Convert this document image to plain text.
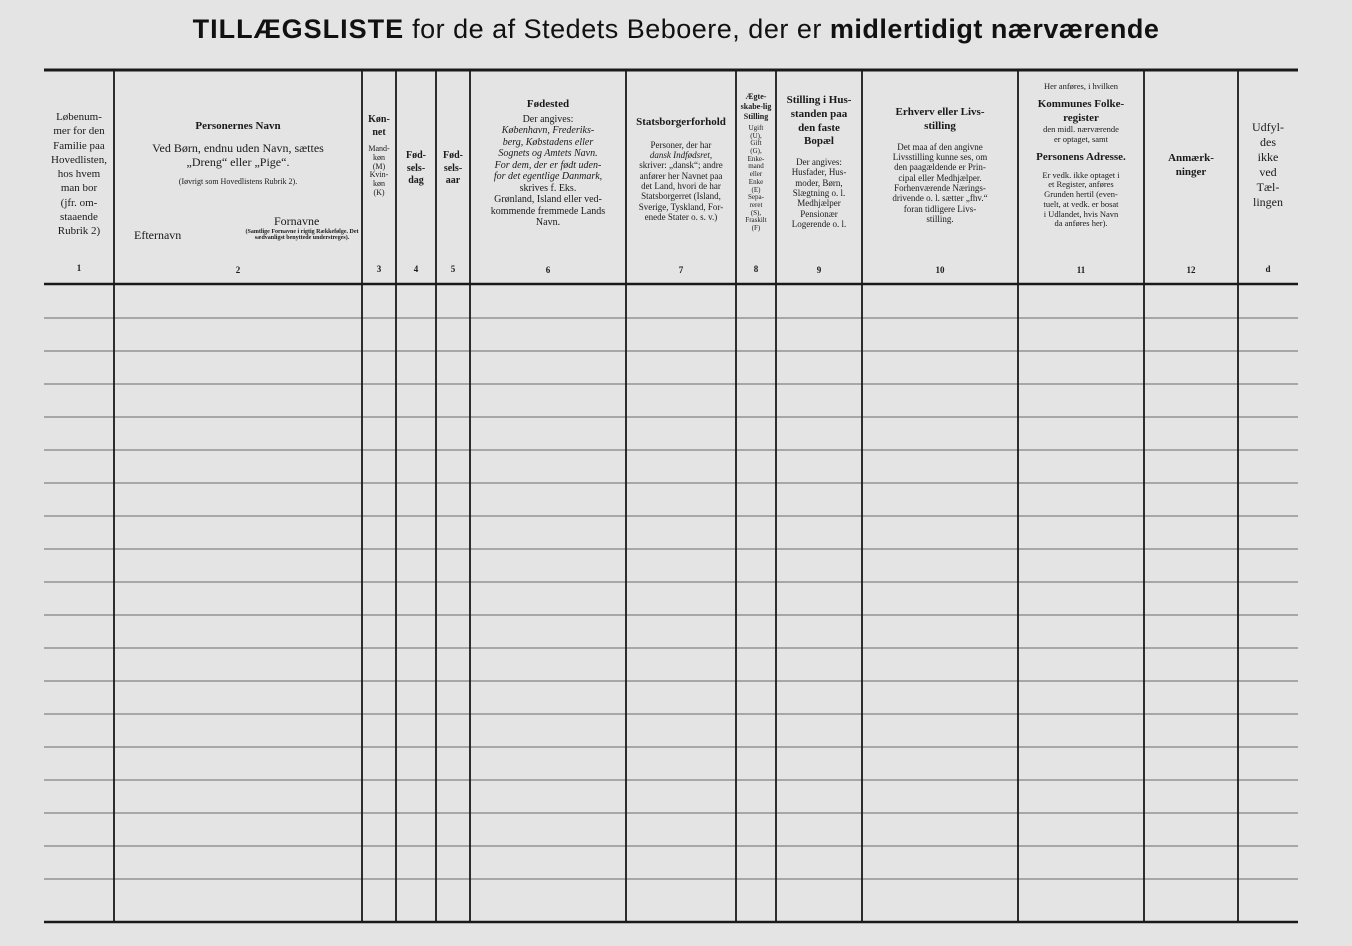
TILLÆGSLISTE for de af Stedets Beboere, der er midlertidigt nærværende
Løbenum-
mer for den
Familie paa
Hovedlisten,
hos hvem
man bor
(jfr. om-
staaende
Rubrik 2)
1
Personernes Navn
Ved Børn, endnu uden Navn, sættes
„Dreng“ eller „Pige“.
(Iøvrigt som Hovedlistens Rubrik 2).
Efternavn
Fornavne
(Samtlige Fornavne i rigtig Rækkefølge. Det sædvanligst benyttede understreges).
2
Køn-net
Mand-
køn
(M)
Kvin-
køn
(K)
3
Fød-sels-dag
4
Fød-sels-aar
5
Fødested
Der angives:
København, Frederiks-
berg, Købstadens eller
Sognets og Amtets Navn.
For dem, der er født uden-
for det egentlige Danmark,
skrives f. Eks.
Grønland, Island eller ved-
kommende fremmede Lands
Navn.
6
Statsborgerforhold
Personer, der har
dansk Indfødsret,
skriver: „dansk“; andre
anfører her Navnet paa
det Land, hvori de har
Statsborgerret (Island,
Sverige, Tyskland, For-
enede Stater o. s. v.)
7
Ægte-skabe-lig Stilling
Ugift
(U),
Gift
(G),
Enke-
mand
eller
Enke
(E)
Sepa-
reret
(S),
Fraskilt
(F)
8
Stilling i Hus-standen paa den faste Bopæl
Der angives:
Husfader, Hus-
moder, Børn,
Slægtning o. l.
Medhjælper
Pensionær
Logerende o. l.
9
Erhverv eller Livs-stilling
Det maa af den angivne
Livsstilling kunne ses, om
den paagældende er Prin-
cipal eller Medhjælper.
Forhenværende Nærings-
drivende o. l. sætter „fhv.“
foran tidligere Livs-
stilling.
10
Her anføres, i hvilken
Kommunes Folke-register
den midl. nærværende
er optaget, samt
Personens Adresse.
Er vedk. ikke optaget i
et Register, anføres
Grunden hertil (even-
tuelt, at vedk. er bosat
i Udlandet, hvis Navn
da anføres her).
11
Anmærk-ninger
12
Udfyl-
des
ikke
ved
Tæl-
lingen
d
